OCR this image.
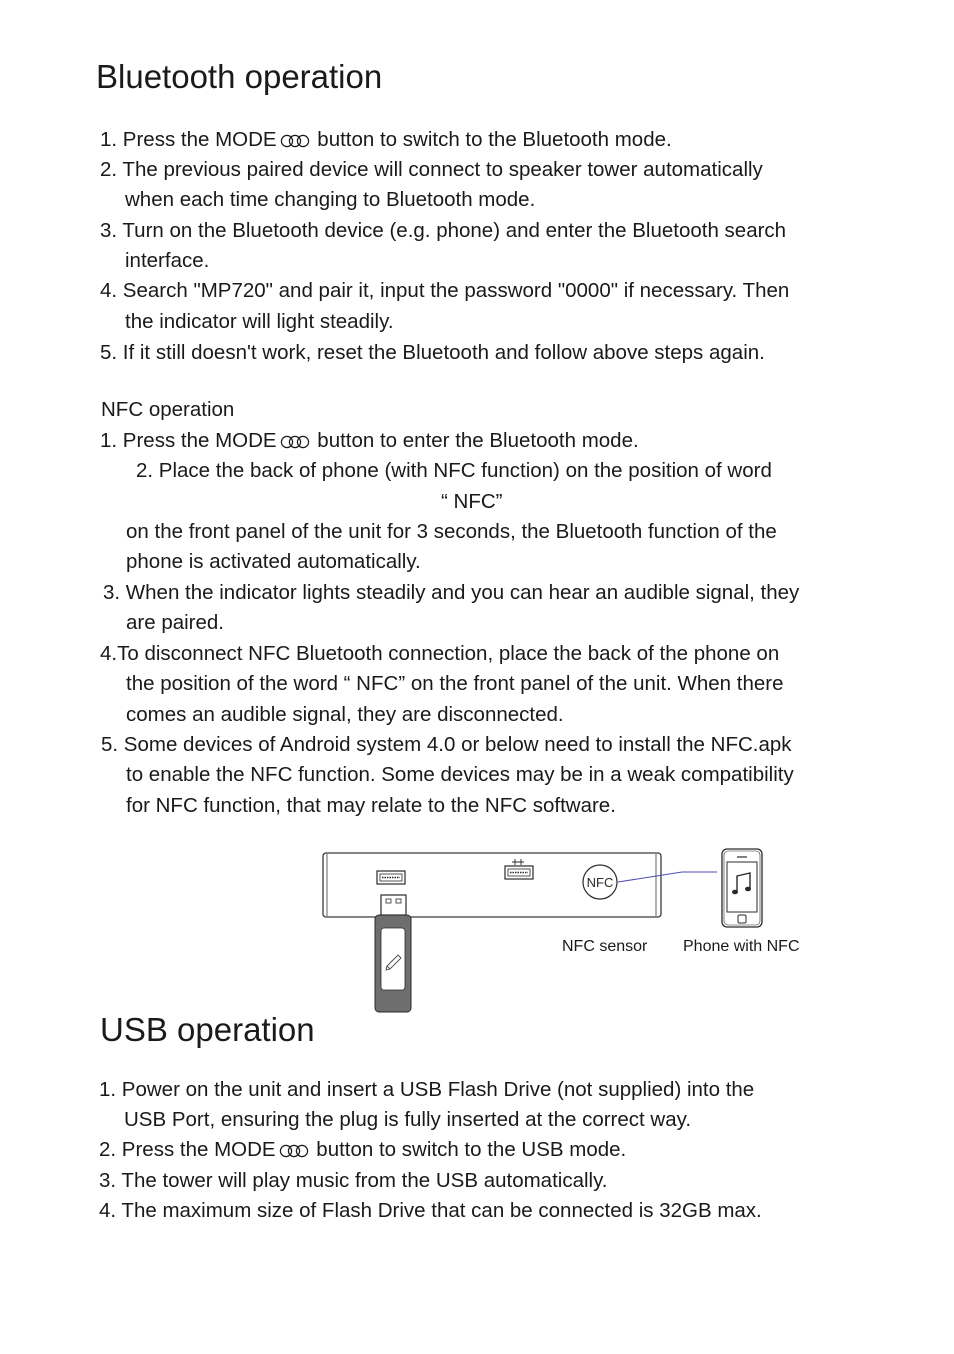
Bluetooth operation
1. Press the MODE button to switch to the Bluetooth mode.
2. The previous paired device will connect to speaker tower automatically
when each time changing to Bluetooth mode.
3. Turn on the Bluetooth device (e.g. phone) and enter the Bluetooth search
interface.
4. Search "MP720" and pair it, input the password "0000" if necessary. Then
the indicator will light steadily.
5. If it still doesn't work, reset the Bluetooth and follow above steps again.
NFC operation
1. Press the MODE button to enter the Bluetooth mode.
2. Place the back of phone (with NFC function) on the position of word
“ NFC”
on the front panel of the unit for 3 seconds, the Bluetooth function of the
phone is activated automatically.
3. When the indicator lights steadily and you can hear an audible signal, they
are paired.
4.To disconnect NFC Bluetooth connection, place the back of the phone on
the position of the word “ NFC” on the front panel of the unit. When there
comes an audible signal, they are disconnected.
5. Some devices of Android system 4.0 or below need to install the NFC.apk
to enable the NFC function. Some devices may be in a weak compatibility
for NFC function, that may relate to the NFC software.
NFC
NFC sensor Phone with NFC
USB operation
1. Power on the unit and insert a USB Flash Drive (not supplied) into the
USB Port, ensuring the plug is fully inserted at the correct way.
2. Press the MODE button to switch to the USB mode.
3. The tower will play music from the USB automatically.
4. The maximum size of Flash Drive that can be connected is 32GB max.
